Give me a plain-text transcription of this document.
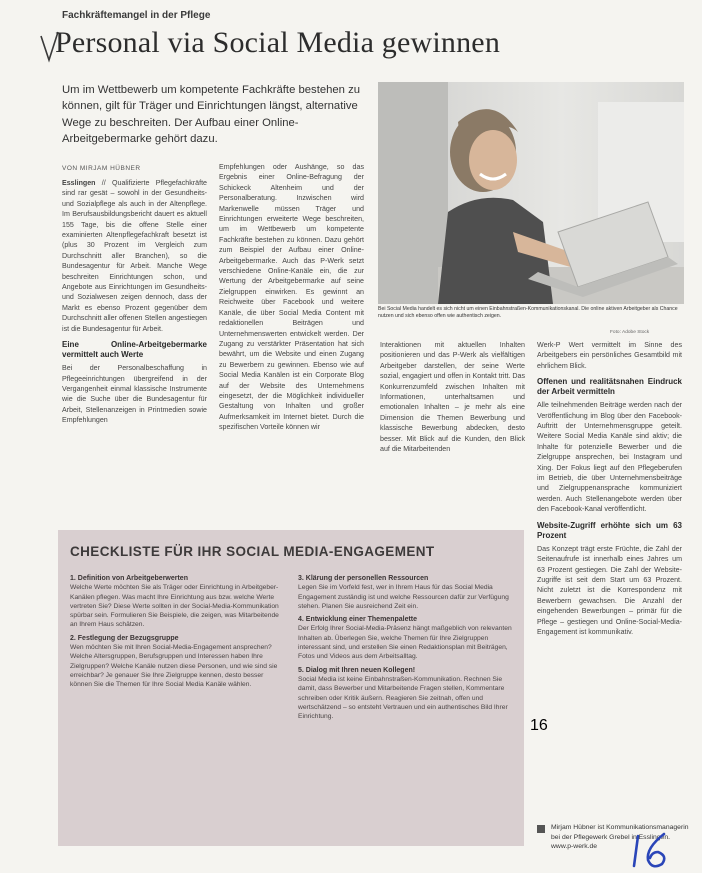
Fachkräftemangel in der Pflege
Personal via Social Media gewinnen
Um im Wettbewerb um kompetente Fachkräfte bestehen zu können, gilt für Träger und Einrichtungen längst, alternative Wege zu beschreiten. Der Aufbau einer Online-Arbeitgebermarke gehört dazu.
VON MIRJAM HÜBNER

Esslingen // Qualifizierte Pflegefachkräfte sind rar gesät – sowohl in der Gesundheits- und Sozialpflege als auch in der Altenpflege. Im Berufsausbildungsbericht dauert es aktuell 155 Tage, bis die offene Stelle einer examinierten Altenpflegefachkraft besetzt ist (plus 30 Prozent im Vergleich zum Durchschnitt aller Branchen), so die Bundesagentur für Arbeit. Manche Wege beschreiten Einrichtungen schon, und Angebote aus Einrichtungen im Gesundheits- und Sozialwesen zeigen dennoch, dass der Markt es ebenso Prozent gegenüber dem Durchschnitt aller offenen Stellen angestiegen ist die Bundesagentur für Arbeit.

Eine Online-Arbeitgebermarke vermittelt auch Werte

Bei der Personalbeschaffung in Pflegeeinrichtungen übergreifend in der Vergangenheit einmal klassische Instrumente wie die Suche über die Bundesagentur für Arbeit, Stellenanzeigen in Printmedien sowie Empfehlungen

Empfehlungen oder Aushänge, so das Ergebnis einer Online-Befragung der Schickeck Altenheim und der Personalberatung. Inzwischen wird Markenwelle müssen Träger und Einrichtungen erweiterte Wege beschreiten, um im Wettbewerb um kompetente Fachkräfte bestehen zu können. Dazu gehört zum Beispiel der Aufbau einer Online-Arbeitgebermarke. Auch das P-Werk setzt verschiedene Online-Kanäle ein, die zur Wertung der Arbeitgebermarke auf seine Zielgruppen einwirken. Es gewinnt an Reichweite über Facebook und weitere Kanäle, die über Social Media Content mit redaktionellen Beiträgen und Unternehmenswerten entwickelt werden. Der Zugang zu verstärkter Präsentation hat sich bewährt, um die Website und einen Zugang zu Bewerbern zu gewinnen. Ebenso wie auf Social Media Kanälen ist ein Corporate Blog auf der Website des Unternehmens eingesetzt, der die Möglichkeit individueller Gestaltung von Inhalten und großer Aufmerksamkeit im Internet bietet. Durch die spezifischen Vorteile können wir

Bei Social Media handelt es sich nicht um einen Einbahnstraßen-Kommunikationskanal. Die online aktiven Arbeitgeber als Chance nutzen und sich ebenso offen wie authentisch zeigen.
Foto: Adobe Stock

Interaktionen mit aktuellen Inhalten positionieren und das P-Werk als vielfältigen Arbeitgeber darstellen, der seine Werte sozial, engagiert und offen in Kontakt tritt. Das Konkurrenzumfeld zwischen Inhalten mit Informationen, unterhaltsamen und emotionalen Inhalten – je mehr als eine Dimension die Themen Bewerbung und klassische Bewerbung abdecken, desto besser. Mit Blick auf die Kunden, den Blick auf die Mitarbeitenden

Werk-P Wert vermittelt im Sinne des Arbeitgebers ein persönliches Gesamtbild mit ehrlichem Blick.

Offenen und realitätsnahen Eindruck der Arbeit vermitteln

Alle teilnehmenden Beiträge werden nach der Veröffentlichung im Blog über den Facebook-Auftritt der Unternehmensgruppe geteilt. Weitere Social Media Kanäle sind aktiv; die Inhalte für potenzielle Bewerber und die Zielgruppe ansprechen, bei Instagram und Xing. Der Fokus liegt auf den Pflegeberufen im Betrieb, die über Unternehmensbeiträge und Zielgruppenansprache kommuniziert werden. Auch Stellenangebote werden über den Facebook-Kanal veröffentlicht.

Website-Zugriff erhöhte sich um 63 Prozent

Das Konzept trägt erste Früchte, die Zahl der Seitenaufrufe ist innerhalb eines Jahres um 63 Prozent gestiegen. Die Zahl der Website-Zugriffe ist seit dem Start um 63 Prozent. Nicht zuletzt ist die Korrespondenz mit Bewerbern gewachsen. Die Anzahl der eingehenden Bewerbungen – primär für die Pflege – gestiegen und Online-Social-Media-Engagement ist kommunikativ.

CHECKLISTE FÜR IHR SOCIAL MEDIA-ENGAGEMENT
1. Definition von Arbeitgeberwerten

Welche Werte möchten Sie als Träger oder Einrichtung in Arbeitgeber-Kanälen pflegen. Was macht Ihre Einrichtung aus bzw. welche Werte vertreten Sie? Diese Werte sollten in der Social-Media-Kommunikation spürbar sein. Formulieren Sie Beispiele, die zeigen, was Mitarbeitende an Ihrem Haus schätzen.

2. Festlegung der Bezugsgruppe

Wen möchten Sie mit Ihren Social-Media-Engagement ansprechen? Welche Altersgruppen, Berufsgruppen und Interessen haben Ihre Zielgruppen? Welche Kanäle nutzen diese Personen, und wie sind sie erreichbar? Je genauer Sie Ihre Zielgruppe kennen, desto besser können Sie die Themen für Ihre Social Media Kanäle wählen.

3. Klärung der personellen Ressourcen

Legen Sie im Vorfeld fest, wer in Ihrem Haus für das Social Media Engagement zuständig ist und welche Ressourcen dafür zur Verfügung stehen. Planen Sie ausreichend Zeit ein.

4. Entwicklung einer Themenpalette

Der Erfolg Ihrer Social-Media-Präsenz hängt maßgeblich von relevanten Inhalten ab. Überlegen Sie, welche Themen für Ihre Zielgruppen interessant sind, und erstellen Sie einen Redaktionsplan mit Beiträgen, Fotos und Videos aus dem Arbeitsalltag.

5. Dialog mit Ihren neuen Kollegen!

Social Media ist keine Einbahnstraßen-Kommunikation. Rechnen Sie damit, dass Bewerber und Mitarbeitende Fragen stellen, Kommentare schreiben oder Kritik äußern. Reagieren Sie zeitnah, offen und wertschätzend – so entsteht Vertrauen und ein authentisches Bild Ihrer Einrichtung.

Mirjam Hübner ist Kommunikationsmanagerin bei der Pflegewerk Grebel in Esslingen. www.p-werk.de
16
